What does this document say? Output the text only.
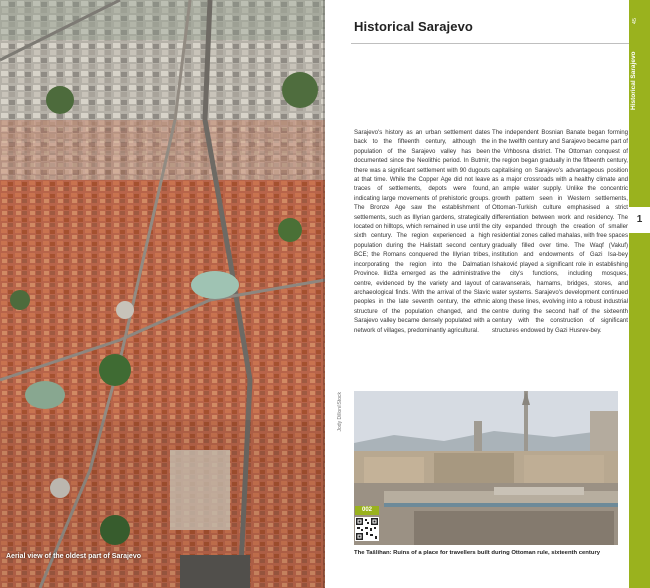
Aerial view of the oldest part of Sarajevo
Historical Sarajevo
Sarajevo's history as an urban settlement dates back to the fifteenth century, although the population of the Sarajevo valley has been documented since the Neolithic period. In Butmir, there was a significant settlement with 90 dugouts at that time. While the Copper Age did not leave traces of settlements, depots were found, indicating large movements of prehistoric groups. The Bronze Age saw the establishment of settlements, such as Illyrian gardens, strategically located on hilltops, which remained in use until the sixth century. The region experienced a high population during the Halistatt second century BCE; the Romans conquered the Illyrian tribes, incorporating the region into the Dalmatian Province. Ilidža emerged as the administrative centre, evidenced by the variety and layout of archaeological finds. With the arrival of the Slavic peoples in the late seventh century, the ethnic structure of the population changed, and the Sarajevo valley became densely populated with a network of villages, predominantly agricultural.
The independent Bosnian Banate began forming in the twelfth century and Sarajevo became part of the Vrhbosna district. The Ottoman conquest of the region began gradually in the fifteenth century, capitalising on Sarajevo's advantageous position as a major crossroads with a healthy climate and an ample water supply. Unlike the concentric growth pattern seen in Western settlements, Ottoman-Turkish culture emphasised a strict differentiation between work and residency. The city expanded through the creation of smaller residential zones called mahalas, with free spaces gradually filled over time. The Waqf (Vakuf) institution and endowments of Gazi Isa-bey Ishaković played a significant role in establishing the city's functions, including mosques, caravanserais, hamams, bridges, stores, and water systems. Sarajevo's development continued along these lines, evolving into a robust industrial centre during the second half of the sixteenth century with the construction of significant structures endowed by Gazi Husrev-bey.
Jody Dillon/iStock
002
The Tašlihan: Ruins of a place for travellers built during Ottoman rule, sixteenth century
45
Historical Sarajevo
1
